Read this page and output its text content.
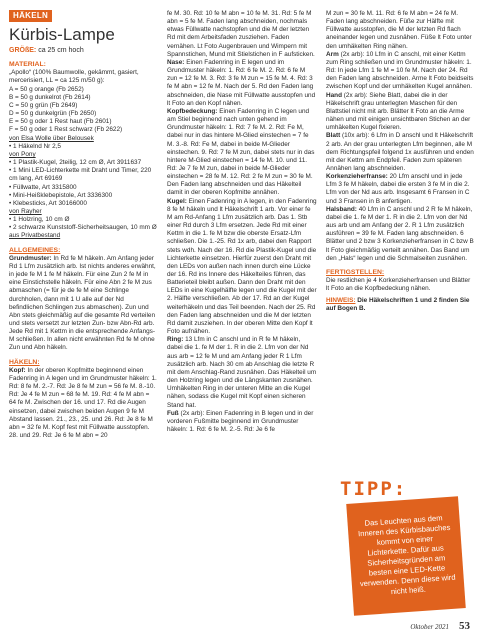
HÄKELN
Kürbis-Lampe
GRÖßE: ca 25 cm hoch
MATERIAL:
„Apollo“ (100% Baumwolle, gekämmt, gasiert, mercerisiert, LL = ca 125 m/50 g):
A = 50 g orange (Fb 2652)
B = 50 g dunkelrot (Fb 2614)
C = 50 g grün (Fb 2649)
D = 50 g dunkelgrün (Fb 2650)
E = 50 g oder 1 Rest haut (Fb 2601)
F = 50 g oder 1 Rest schwarz (Fb 2622)
von Elsa Wolle über Belousek
• 1 Häkelnd Nr 2,5
von Pony
• 1 Plastik-Kugel, 2teilig, 12 cm Ø, Art 3911637
• 1 Mini LED-Lichterkette mit Draht und Timer, 220 cm lang, Art 69169
• Füllwatte, Art 3315800
• Mini-Heißklebepistole, Art 3336300
• Klebesticks, Art 30166000
von Rayher
• 1 Holzring, 10 cm Ø
• 2 schwarze Kunststoff-Sicherheitsaugen, 10 mm Ø
aus Privatbestand
ALLGEMEINES:
Grundmuster: In Rd fe M häkeln. Am Anfang jeder Rd 1 Lfm zusätzlich arb. Ist nichts anderes erwähnt, in jede fe M 1 fe M häkeln. Für eine Zun 2 fe M in eine Einstichstelle häkeln. Für eine Abn 2 fe M zus abmaschen (= für je de fe M eine Schlinge durchholen, dann mit 1 U alle auf der Nd befindlichen Schlingen zus abmaschen). Zun und Abn stets gleichmäßig auf die gesamte Rd verteilen und stets versetzt zur letzten Zun- bzw Abn-Rd arb. Jede Rd mit 1 Kettm in die entsprechende Anfangs-M schließen. In allen nicht erwähnten Rd fe M ohne Zun und Abn häkeln.
HÄKELN:
Kopf: In der oberen Kopfmitte beginnend einen Fadenring in A legen und im Grundmuster häkeln: 1. Rd: 8 fe M. 2.-7. Rd: Je 8 fe M zun = 56 fe M. 8.-10. Rd: Je 4 fe M zun = 68 fe M. 19. Rd: 4 fe M abn = 64 fe M. Zwischen der 16. und 17. Rd die Augen einsetzen, dabei zwischen beiden Augen 9 fe M Abstand lassen. 21., 23., 25. und 26. Rd: Je 8 fe M abn = 32 fe M. Kopf fest mit Füllwatte ausstopfen. 28. und 29. Rd: Je 6 fe M abn = 20
fe M. 30. Rd: 10 fe M abn = 10 fe M. 31. Rd: 5 fe M abn = 5 fe M. Faden lang abschneiden, nochmals etwas Füllwatte nachstopfen und die M der letzten Rd mit dem Arbeitsfaden zusziehen. Faden vernähen. Lt Foto Augenbrauen und Wimpern mit Spannstichen, Mund mit Stielstichen in F aufsticken.
Nase: Einen Fadenring in E legen und im Grundmuster häkeln: 1. Rd: 6 fe M. 2. Rd: 6 fe M zun = 12 fe M. 3. Rd: 3 fe M zun = 15 fe M. 4. Rd: 3 fe M abn = 12 fe M. Nach der 5. Rd den Faden lang abschneiden, die Nase mit Füllwatte ausstopfen und lt Foto an den Kopf nähen.
Kopfbedeckung: Einen Fadenring in C legen und am Stiel beginnend nach unten gehend im Grundmuster häkeln: 1. Rd: 7 fe M. 2. Rd: Fe M, dabei nur in das hintere M-Glied einstechen = 7 fe M. 3.-8. Rd: Fe M, dabei in beide M-Glieder einstechen. 9. Rd: 7 fe M zun, dabei stets nur in das hintere M-Glied einstechen = 14 fe M. 10. und 11. Rd: Je 7 fe M zun, dabei in beide M-Glieder einstechen = 28 fe M. 12. Rd: 2 fe M zun = 30 fe M. Den Faden lang abschneiden und das Häkelteil damit in der oberen Kopfmitte annähen.
Kugel: Einen Fadenring in A legen, in den Fadenring 8 fe M häkeln und lt Häkelschrift 1 arb. Vor einer fe M am Rd-Anfang 1 Lfm zusätzlich arb. Das 1. Stb einer Rd durch 3 Lfm ersetzen. Jede Rd mit einer Kettm in die 1. fe M bzw die oberste Ersatz-Lfm schließen. Die 1.-25. Rd 1x arb, dabei den Rapport stets wdh. Nach der 16. Rd die Plastik-Kugel und die Lichterkette einsetzen. Hierfür zuerst den Draht mit den LEDs von außen nach innen durch eine Lücke der 16. Rd ins Innere des Häkelteiles führen, das Batterieteil bleibt außen. Dann den Draht mit den LEDs in eine Kugelhälfte legen und die Kugel mit der 2. Hälfte verschließen. Ab der 17. Rd an der Kugel weiterhäkeln und das Teil beenden. Nach der 25. Rd den Faden lang abschneiden und die M der letzten Rd damit zusziehen. In der oberen Mitte den Kopf lt Foto aufnähen.
Ring: 13 Lfm in C anschl und in R fe M häkeln, dabei die 1. fe M der 1. R in die 2. Lfm von der Nd aus arb = 12 fe M und am Anfang jeder R 1 Lfm zusätzlich arb. Nach 30 cm ab Anschlag die letzte R mit dem Anschlag-Rand zusnähen. Das Häkelteil um den Holzring legen und die Längskanten zusnähen. Umhäkelten Ring in der unteren Mitte an die Kugel nähen, sodass die Kugel mit Kopf einen sicheren Stand hat.
Fuß (2x arb): Einen Fadenring in B legen und in der vorderen Fußmitte beginnend im Grundmuster häkeln: 1. Rd: 6 fe M. 2.-5. Rd: Je 6 fe
M zun = 30 fe M. 11. Rd: 6 fe M abn = 24 fe M. Faden lang abschneiden. Füße zur Hälfte mit Füllwatte ausstopfen, die M der letzten Rd flach aneinander legen und zusnähen. Füße lt Foto unter den umhäkelten Ring nähen.
Arm (2x arb): 10 Lfm in C anschl, mit einer Kettm zum Ring schließen und im Grundmuster häkeln: 1. Rd: In jede Lfm 1 fe M = 10 fe M. Nach der 24. Rd den Faden lang abschneiden. Arme lt Foto beidseits zwischen Kopf und der umhäkelten Kugel annähen.
Hand (2x arb): Siehe Blatt, dabei die in der Häkelschrift grau unterlegten Maschen für den Blattstiel nicht mit arb. Blätter lt Foto an die Arme nähen und mit einigen unsichtbaren Stichen an der umhäkelten Kugel fixieren.
Blatt (10x arb): 6 Lfm in D anschl und lt Häkelschrift 2 arb. An der grau unterlegten Lfm beginnen, alle M dem Richtungspfeil folgend 1x ausführen und enden mit der Kettm am Endpfeil. Faden zum späteren Annähen lang abschneiden.
Korkenzieherfranse: 20 Lfm anschl und in jede Lfm 3 fe M häkeln, dabei die ersten 3 fe M in die 2. Lfm von der Nd aus arb. Insgesamt 6 Fransen in C und 3 Fransen in B anfertigen.
Halsband: 40 Lfm in C anschl und 2 R fe M häkeln, dabei die 1. fe M der 1. R in die 2. Lfm von der Nd aus arb und am Anfang der 2. R 1 Lfm zusätzlich ausführen = 39 fe M. Faden lang abschneiden. 6 Blätter und 2 bzw 3 Korkenzieherfransen in C bzw B lt Foto gleichmäßig verteilt annähen. Das Band um den „Hals“ legen und die Schmalseiten zusnähen.
FERTIGSTELLEN:
Die restlichen je 4 Korkenzieherfransen und Blätter lt Foto an die Kopfbedeckung nähen.
HINWEIS: Die Häkelschriften 1 und 2 finden Sie auf Bogen B.
TIPP:
Das Leuchten aus dem Inneren des Kürbisbauches kommt von einer Lichterkette. Dafür aus Sicherheitsgründen am besten eine LED-Kette verwenden. Denn diese wird nicht heiß.
Oktober 2021 53
